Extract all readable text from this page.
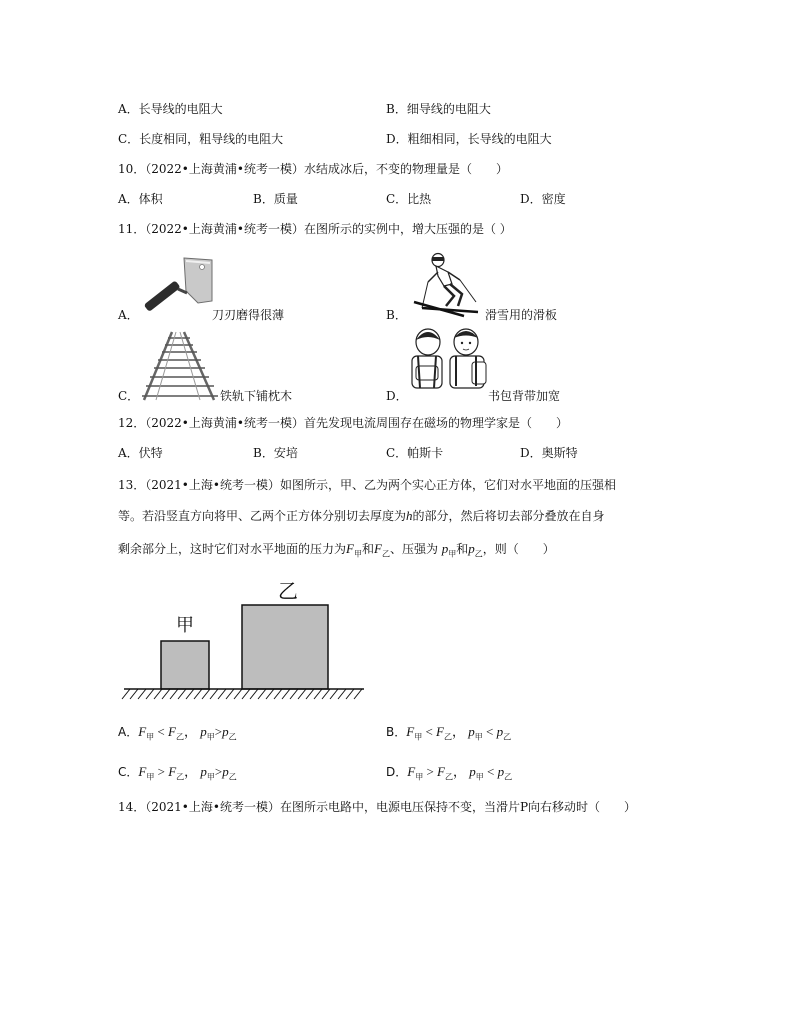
A．长导线的电阻大	B．细导线的电阻大
C．长度相同，粗导线的电阻大	D．粗细相同，长导线的电阻大
10．（2022•上海黄浦•统考一模）水结成冰后，不变的物理量是（　　）
A．体积	B．质量	C．比热	D．密度
11．（2022•上海黄浦•统考一模）在图所示的实例中，增大压强的是（ ）
A．	刀刃磨得很薄	B．	滑雪用的滑板
C．	铁轨下铺枕木	D．	书包背带加宽
12．（2022•上海黄浦•统考一模）首先发现电流周围存在磁场的物理学家是（　　）
A．伏特	B．安培	C．帕斯卡	D．奥斯特
13．（2021•上海•统考一模）如图所示，甲、乙为两个实心正方体，它们对水平地面的压强相
等。若沿竖直方向将甲、乙两个正方体分别切去厚度为h的部分，然后将切去部分叠放在自身
剩余部分上，这时它们对水平地面的压力为$F_甲$和$F_乙$、压强为 $p_甲$和$p_乙$，则（　　）
甲
乙
A．$F_甲 < F_乙$， $p_甲>p_乙$	B．$F_甲 < F_乙$， $p_甲 < p_乙$
C．$F_甲 > F_乙$， $p_甲>p_乙$	D．$F_甲 > F_乙$， $p_甲 < p_乙$
14．（2021•上海•统考一模）在图所示电路中，电源电压保持不变，当滑片P向右移动时（　　）
